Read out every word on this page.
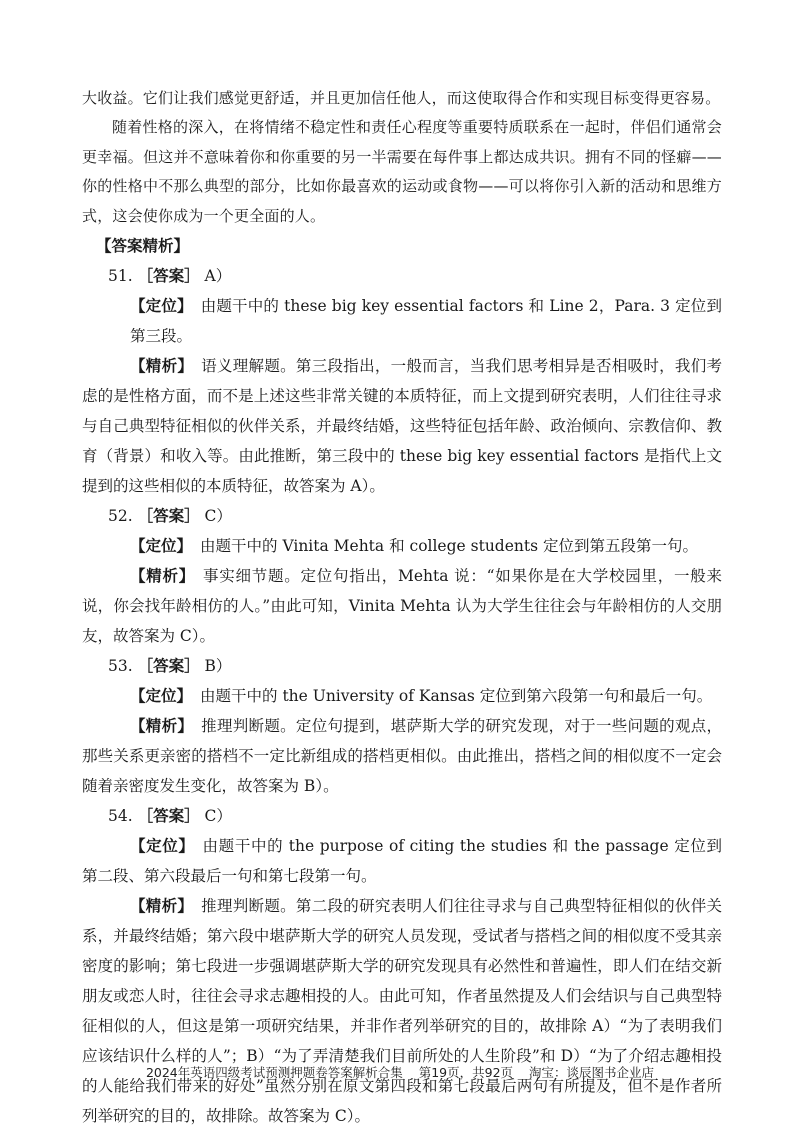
大收益。它们让我们感觉更舒适，并且更加信任他人，而这使取得合作和实现目标变得更容易。

随着性格的深入，在将情绪不稳定性和责任心程度等重要特质联系在一起时，伴侣们通常会更幸福。但这并不意味着你和你重要的另一半需要在每件事上都达成共识。拥有不同的怪癖——你的性格中不那么典型的部分，比如你最喜欢的运动或食物——可以将你引入新的活动和思维方式，这会使你成为一个更全面的人。

【答案精析】
51. ［答案］ A）

【定位】 由题干中的 these big key essential factors 和 Line 2，Para. 3 定位到第三段。

【精析】 语义理解题。第三段指出，一般而言，当我们思考相异是否相吸时，我们考虑的是性格方面，而不是上述这些非常关键的本质特征，而上文提到研究表明，人们往往寻求与自己典型特征相似的伙伴关系，并最终结婚，这些特征包括年龄、政治倾向、宗教信仰、教育（背景）和收入等。由此推断，第三段中的 these big key essential factors 是指代上文提到的这些相似的本质特征，故答案为 A）。

52. ［答案］ C）

【定位】 由题干中的 Vinita Mehta 和 college students 定位到第五段第一句。

【精析】 事实细节题。定位句指出，Mehta 说：“如果你是在大学校园里，一般来说，你会找年龄相仿的人。”由此可知，Vinita Mehta 认为大学生往往会与年龄相仿的人交朋友，故答案为 C）。

53. ［答案］ B）

【定位】 由题干中的 the University of Kansas 定位到第六段第一句和最后一句。

【精析】 推理判断题。定位句提到，堪萨斯大学的研究发现，对于一些问题的观点，那些关系更亲密的搭档不一定比新组成的搭档更相似。由此推出，搭档之间的相似度不一定会随着亲密度发生变化，故答案为 B）。

54. ［答案］ C）

【定位】 由题干中的 the purpose of citing the studies 和 the passage 定位到第二段、第六段最后一句和第七段第一句。

【精析】 推理判断题。第二段的研究表明人们往往寻求与自己典型特征相似的伙伴关系，并最终结婚；第六段中堪萨斯大学的研究人员发现，受试者与搭档之间的相似度不受其亲密度的影响；第七段进一步强调堪萨斯大学的研究发现具有必然性和普遍性，即人们在结交新朋友或恋人时，往往会寻求志趣相投的人。由此可知，作者虽然提及人们会结识与自己典型特征相似的人，但这是第一项研究结果，并非作者列举研究的目的，故排除 A）“为了表明我们应该结识什么样的人”；B）“为了弄清楚我们目前所处的人生阶段”和 D）“为了介绍志趣相投的人能给我们带来的好处”虽然分别在原文第四段和第七段最后两句有所提及，但不是作者所列举研究的目的，故排除。故答案为 C）。

2024年英语四级考试预测押题卷答案解析合集 第19页，共92页 淘宝：谈辰图书企业店
